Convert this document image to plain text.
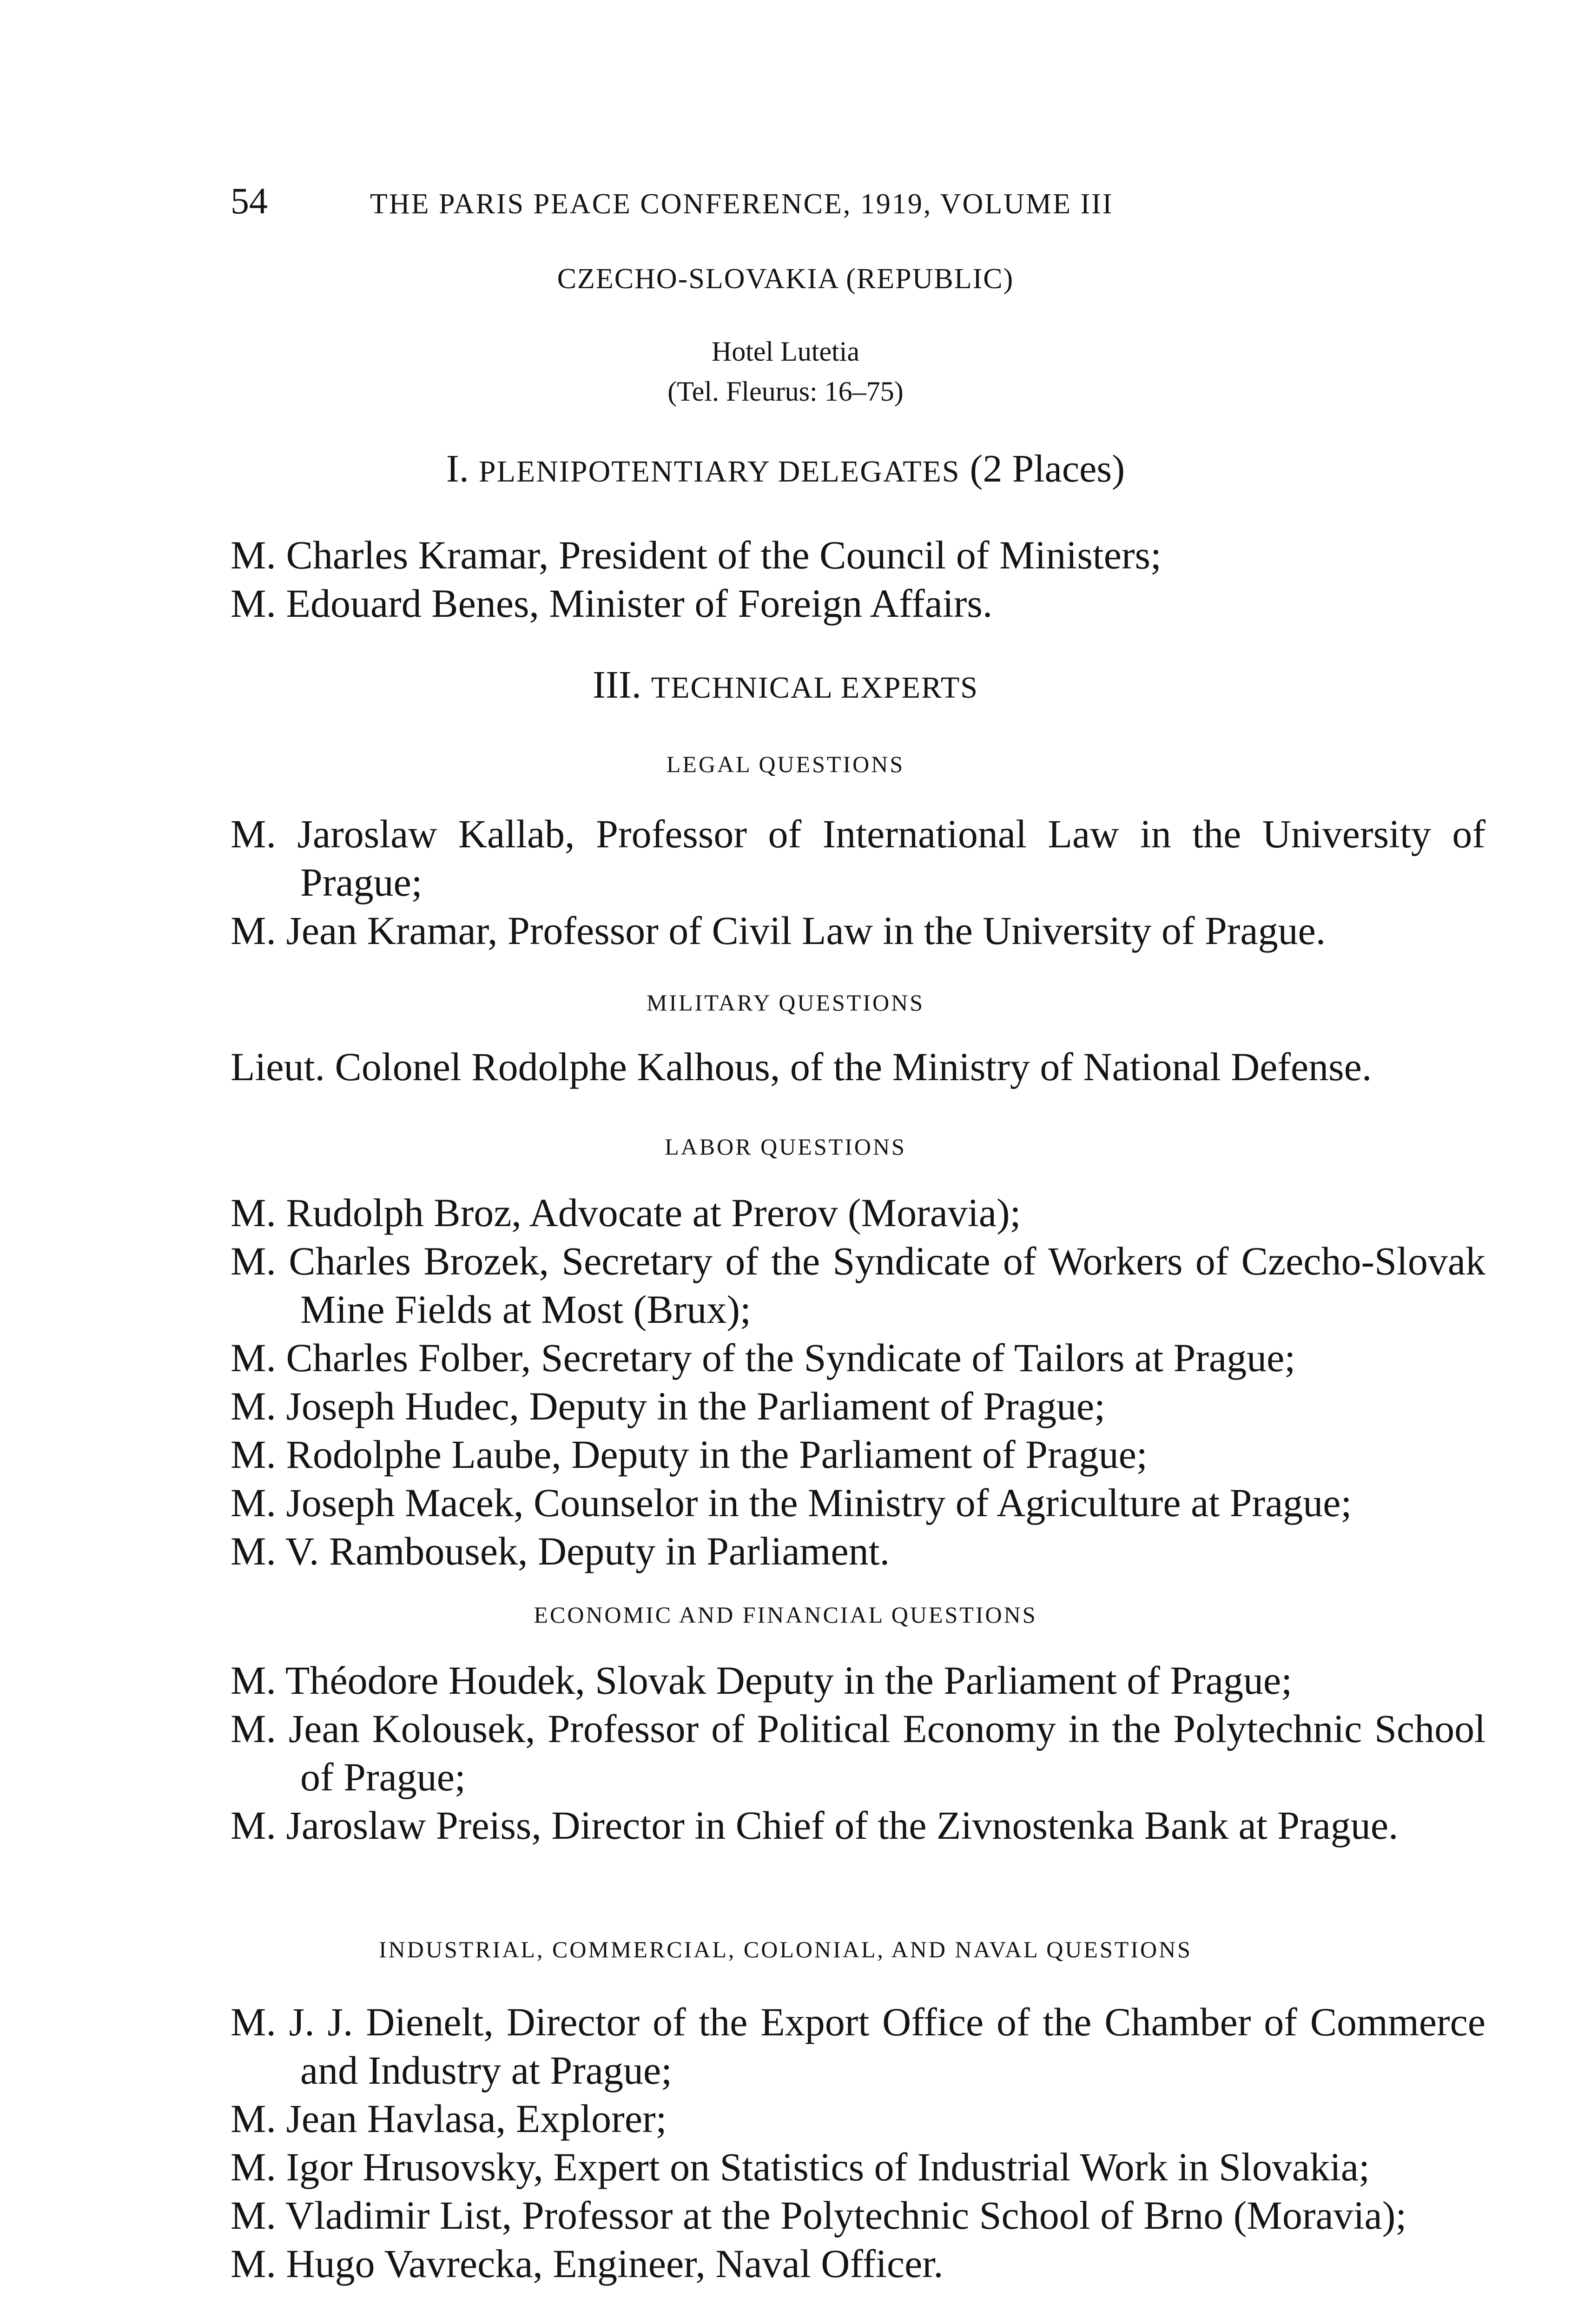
54	THE PARIS PEACE CONFERENCE, 1919, VOLUME III
CZECHO-SLOVAKIA (REPUBLIC)
Hotel Lutetia
(Tel. Fleurus: 16–75)
I. PLENIPOTENTIARY DELEGATES (2 Places)
M. Charles Kramar, President of the Council of Ministers;
M. Edouard Benes, Minister of Foreign Affairs.
III. TECHNICAL EXPERTS
LEGAL QUESTIONS
M. Jaroslaw Kallab, Professor of International Law in the University of Prague;
M. Jean Kramar, Professor of Civil Law in the University of Prague.
MILITARY QUESTIONS
Lieut. Colonel Rodolphe Kalhous, of the Ministry of National Defense.
LABOR QUESTIONS
M. Rudolph Broz, Advocate at Prerov (Moravia);
M. Charles Brozek, Secretary of the Syndicate of Workers of Czecho-Slovak Mine Fields at Most (Brux);
M. Charles Folber, Secretary of the Syndicate of Tailors at Prague;
M. Joseph Hudec, Deputy in the Parliament of Prague;
M. Rodolphe Laube, Deputy in the Parliament of Prague;
M. Joseph Macek, Counselor in the Ministry of Agriculture at Prague;
M. V. Rambousek, Deputy in Parliament.
ECONOMIC AND FINANCIAL QUESTIONS
M. Théodore Houdek, Slovak Deputy in the Parliament of Prague;
M. Jean Kolousek, Professor of Political Economy in the Polytechnic School of Prague;
M. Jaroslaw Preiss, Director in Chief of the Zivnostenka Bank at Prague.
INDUSTRIAL, COMMERCIAL, COLONIAL, AND NAVAL QUESTIONS
M. J. J. Dienelt, Director of the Export Office of the Chamber of Commerce and Industry at Prague;
M. Jean Havlasa, Explorer;
M. Igor Hrusovsky, Expert on Statistics of Industrial Work in Slovakia;
M. Vladimir List, Professor at the Polytechnic School of Brno (Moravia);
M. Hugo Vavrecka, Engineer, Naval Officer.
